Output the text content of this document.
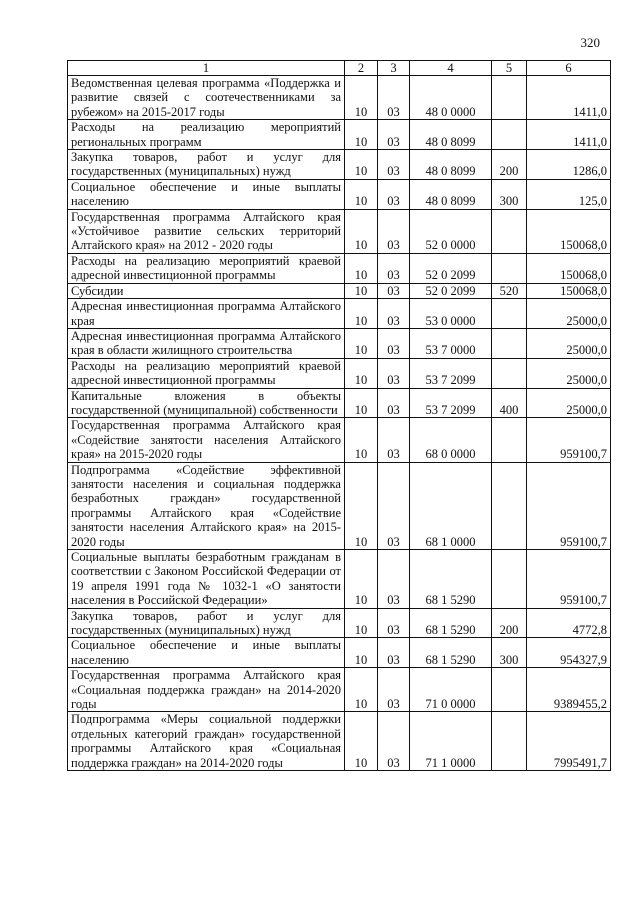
320
1	2	3	4	5	6
Ведомственная целевая программа «Поддержка и развитие связей с соотечественниками за рубежом» на 2015-2017 годы	10	03	48 0 0000		1411,0
Расходы на реализацию мероприятий региональных программ	10	03	48 0 8099		1411,0
Закупка товаров, работ и услуг для государственных (муниципальных) нужд	10	03	48 0 8099	200	1286,0
Социальное обеспечение и иные выплаты населению	10	03	48 0 8099	300	125,0
Государственная программа Алтайского края «Устойчивое развитие сельских территорий Алтайского края» на 2012 - 2020 годы	10	03	52 0 0000		150068,0
Расходы на реализацию мероприятий краевой адресной инвестиционной программы	10	03	52 0 2099		150068,0
Субсидии	10	03	52 0 2099	520	150068,0
Адресная инвестиционная программа Алтайского края	10	03	53 0 0000		25000,0
Адресная инвестиционная программа Алтайского края в области жилищного строительства	10	03	53 7 0000		25000,0
Расходы на реализацию мероприятий краевой адресной инвестиционной программы	10	03	53 7 2099		25000,0
Капитальные вложения в объекты государственной (муниципальной) собственности	10	03	53 7 2099	400	25000,0
Государственная программа Алтайского края «Содействие занятости населения Алтайского края» на 2015-2020 годы	10	03	68 0 0000		959100,7
Подпрограмма «Содействие эффективной занятости населения и социальная поддержка безработных граждан» государственной программы Алтайского края «Содействие занятости населения Алтайского края» на 2015-2020 годы	10	03	68 1 0000		959100,7
Социальные выплаты безработным гражданам в соответствии с Законом Российской Федерации от 19 апреля 1991 года № 1032-1 «О занятости населения в Российской Федерации»	10	03	68 1 5290		959100,7
Закупка товаров, работ и услуг для государственных (муниципальных) нужд	10	03	68 1 5290	200	4772,8
Социальное обеспечение и иные выплаты населению	10	03	68 1 5290	300	954327,9
Государственная программа Алтайского края «Социальная поддержка граждан» на 2014-2020 годы	10	03	71 0 0000		9389455,2
Подпрограмма «Меры социальной поддержки отдельных категорий граждан» государственной программы Алтайского края «Социальная поддержка граждан» на 2014-2020 годы	10	03	71 1 0000		7995491,7
